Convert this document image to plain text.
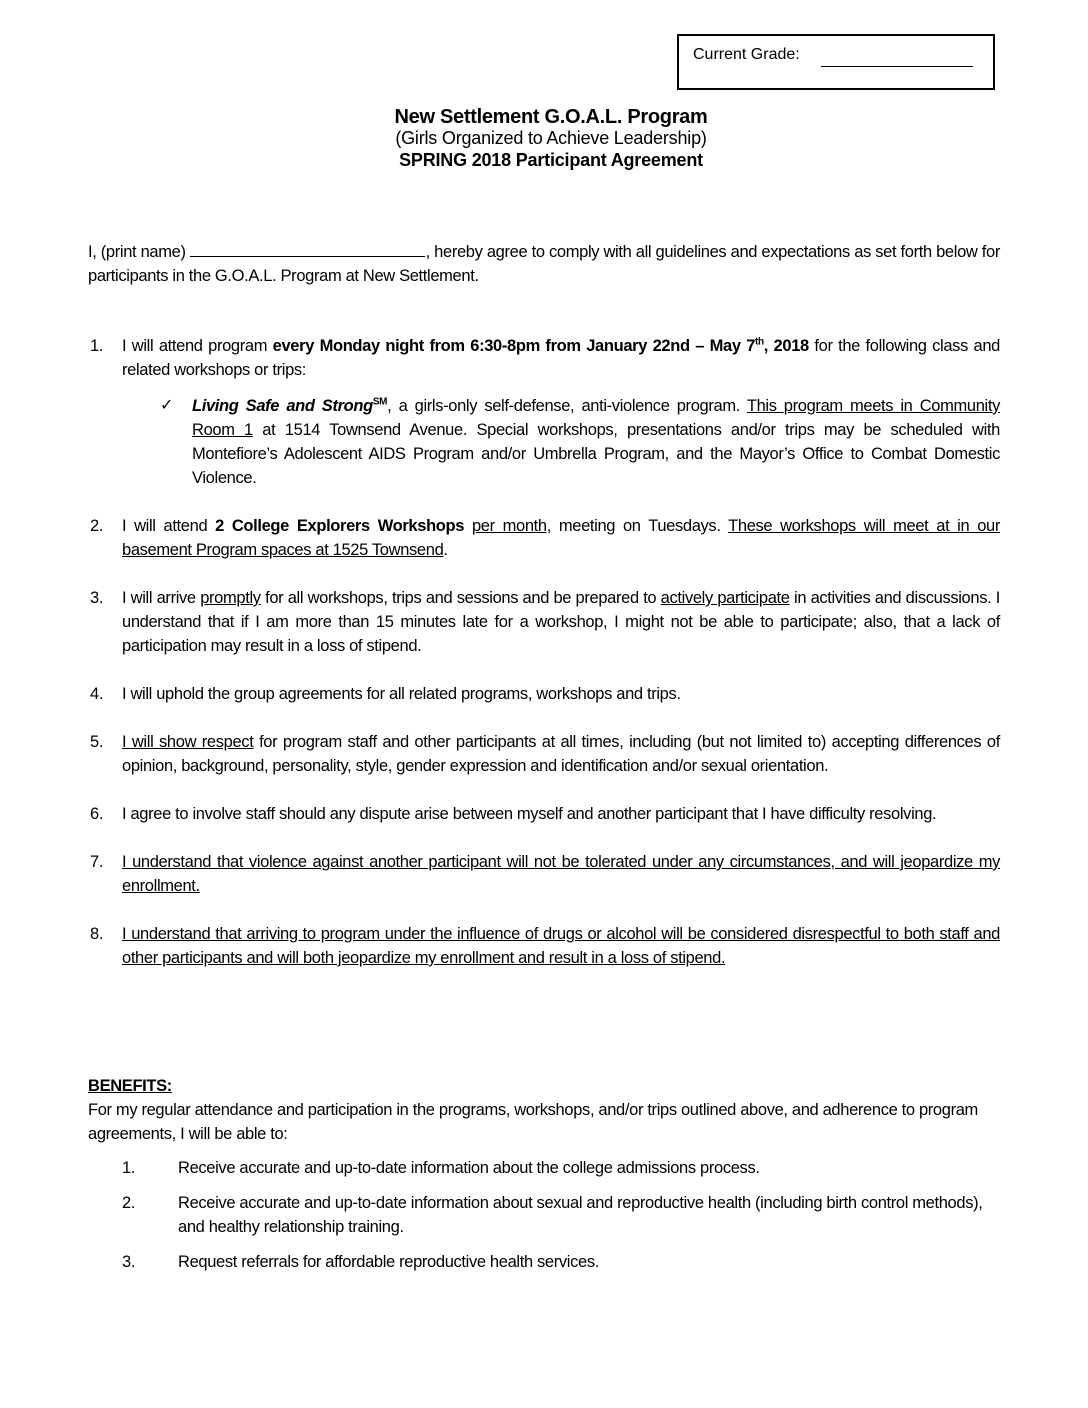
Current Grade:
New Settlement G.O.A.L. Program
(Girls Organized to Achieve Leadership)
SPRING 2018 Participant Agreement
I, (print name)	, hereby agree to comply with all guidelines and expectations as set forth below for participants in the G.O.A.L. Program at New Settlement.
1. I will attend program every Monday night from 6:30-8pm from January 22nd – May 7th, 2018 for the following class and related workshops or trips:
✓ Living Safe and Strong℠, a girls-only self-defense, anti-violence program. This program meets in Community Room 1 at 1514 Townsend Avenue. Special workshops, presentations and/or trips may be scheduled with Montefiore’s Adolescent AIDS Program and/or Umbrella Program, and the Mayor’s Office to Combat Domestic Violence.
2. I will attend 2 College Explorers Workshops per month, meeting on Tuesdays. These workshops will meet at in our basement Program spaces at 1525 Townsend.
3. I will arrive promptly for all workshops, trips and sessions and be prepared to actively participate in activities and discussions. I understand that if I am more than 15 minutes late for a workshop, I might not be able to participate; also, that a lack of participation may result in a loss of stipend.
4. I will uphold the group agreements for all related programs, workshops and trips.
5. I will show respect for program staff and other participants at all times, including (but not limited to) accepting differences of opinion, background, personality, style, gender expression and identification and/or sexual orientation.
6. I agree to involve staff should any dispute arise between myself and another participant that I have difficulty resolving.
7. I understand that violence against another participant will not be tolerated under any circumstances, and will jeopardize my enrollment.
8. I understand that arriving to program under the influence of drugs or alcohol will be considered disrespectful to both staff and other participants and will both jeopardize my enrollment and result in a loss of stipend.
BENEFITS:
For my regular attendance and participation in the programs, workshops, and/or trips outlined above, and adherence to program agreements, I will be able to:
1.	Receive accurate and up-to-date information about the college admissions process.
2.	Receive accurate and up-to-date information about sexual and reproductive health (including birth control methods), and healthy relationship training.
3.	Request referrals for affordable reproductive health services.
